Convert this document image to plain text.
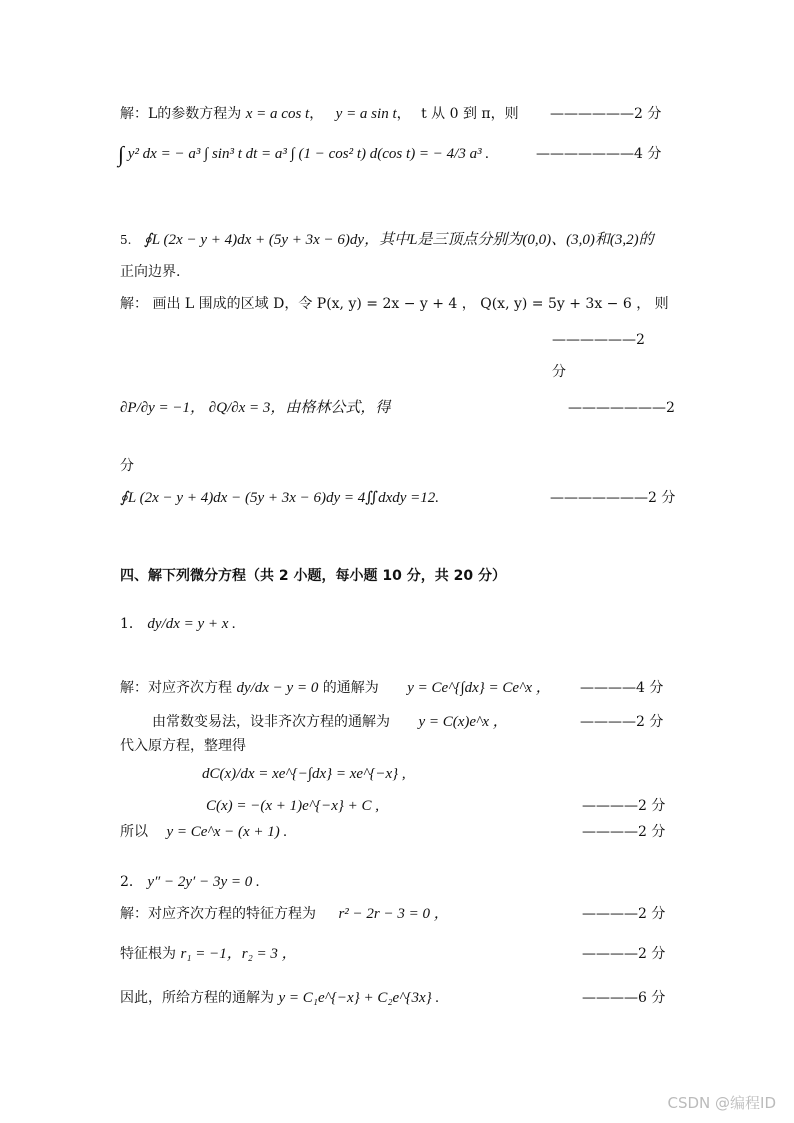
解：L的参数方程为 x = a cos t， y = a sin t， t 从 0 到 π，则 ——————2 分
∫ y² dx = − a³ ∫ sin³ t dt = a³ ∫ (1 − cos² t) d(cos t) = − 4/3 a³ .	———————4 分
5. ∮L (2x − y + 4)dx + (5y + 3x − 6)dy，其中L是三顶点分别为(0,0)、(3,0)和(3,2)的
正向边界.
解： 画出 L 围成的区域 D，令 P(x, y) = 2x − y + 4 ， Q(x, y) = 5y + 3x − 6 ， 则
——————2
分
∂P/∂y = −1， ∂Q/∂x = 3，由格林公式，得	———————2
分
∮L (2x − y + 4)dx − (5y + 3x − 6)dy = 4∬dxdy =12.	———————2 分
四、解下列微分方程（共 2 小题，每小题 10 分，共 20 分）
1． dy/dx = y + x .
解：对应齐次方程 dy/dx − y = 0 的通解为 y = Ce^{∫dx} = Ce^x ， ————4 分
由常数变易法，设非齐次方程的通解为 y = C(x)e^x ，	————2 分
代入原方程，整理得
dC(x)/dx = xe^{−∫dx} = xe^{−x} ,
C(x) = −(x + 1)e^{−x} + C ,	————2 分
所以 y = Ce^x − (x + 1) .	————2 分
2． y″ − 2y′ − 3y = 0 .
解：对应齐次方程的特征方程为 r² − 2r − 3 = 0 ，	————2 分
特征根为 r₁ = −1，r₂ = 3 ，	————2 分
因此，所给方程的通解为 y = C₁e^{−x} + C₂e^{3x} .	————6 分
CSDN @编程ID
